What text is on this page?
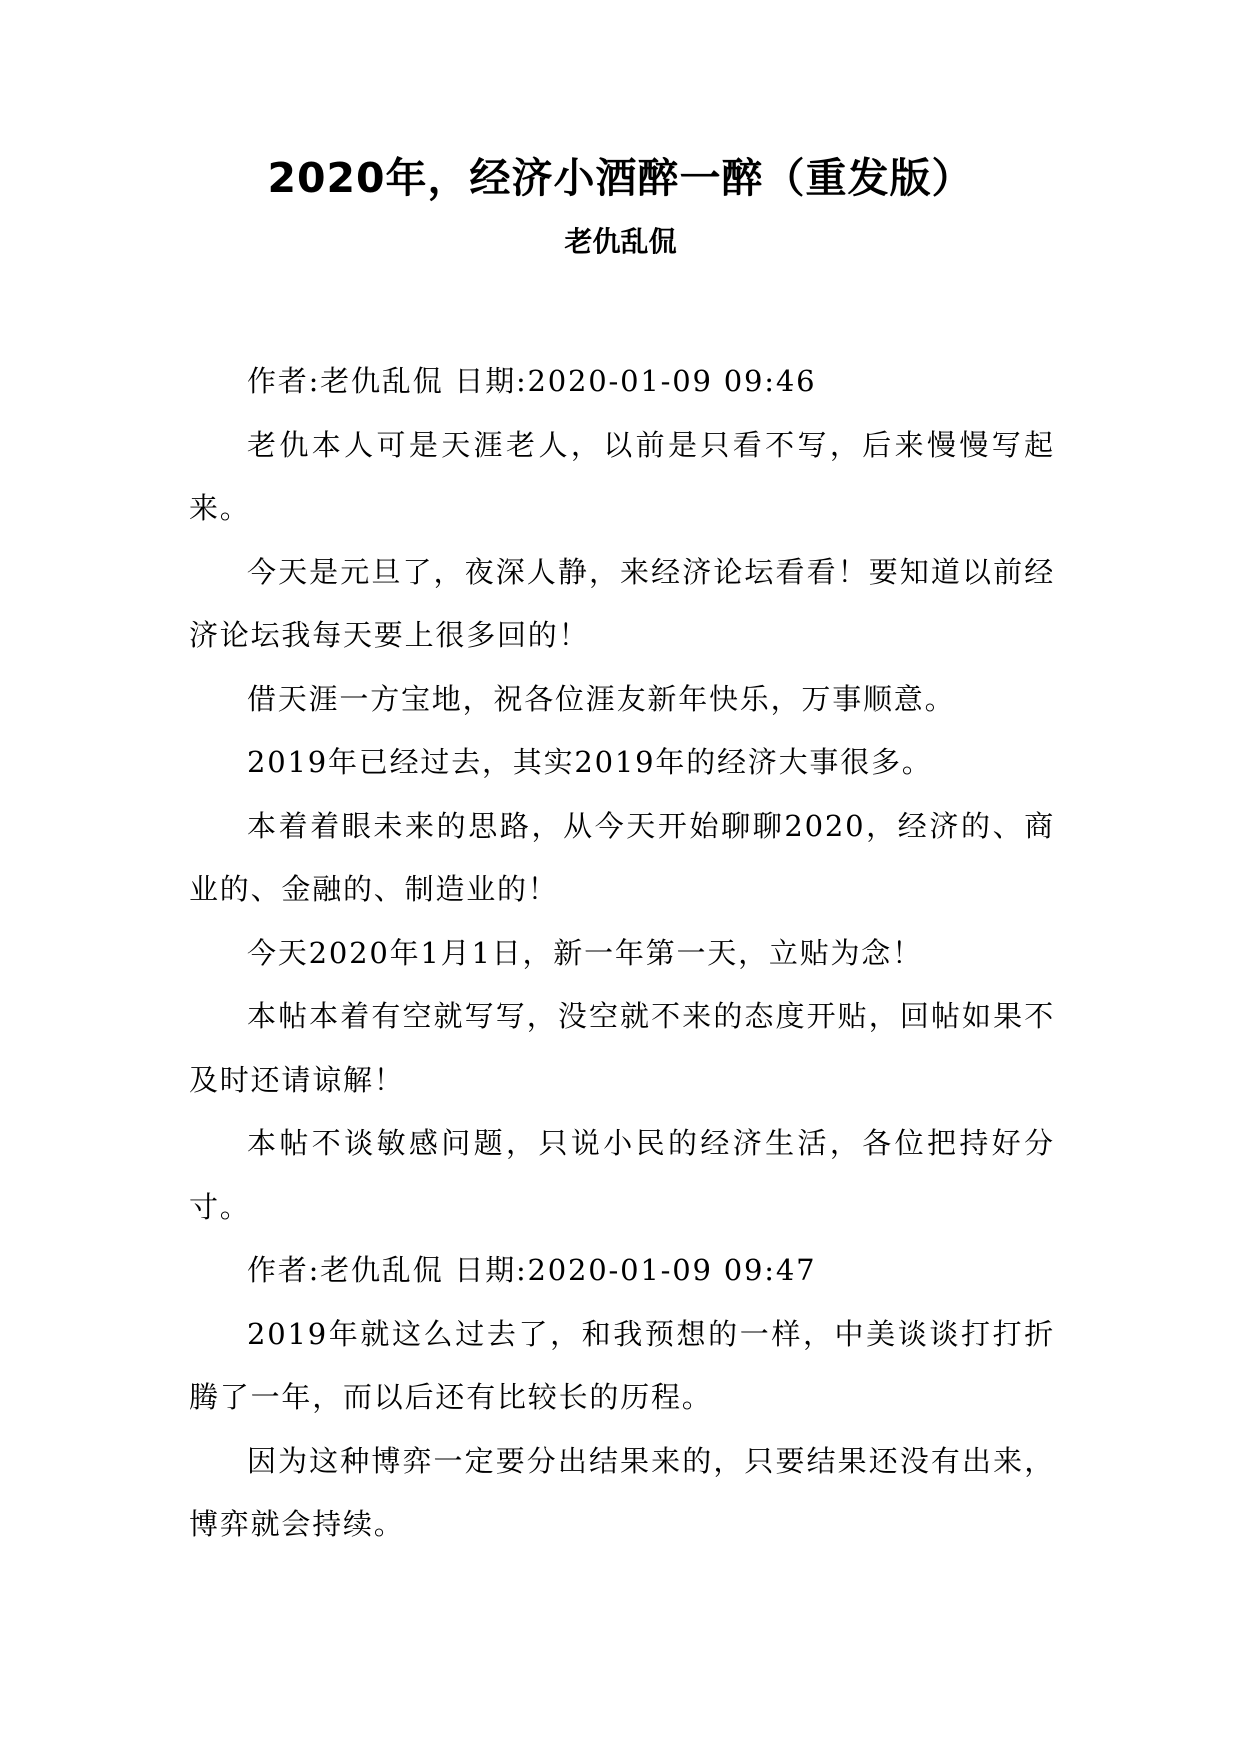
2020年，经济小酒醉一醉（重发版）
老仇乱侃

作者:老仇乱侃 日期:2020-01-09 09:46

老仇本人可是天涯老人，以前是只看不写，后来慢慢写起来。

今天是元旦了，夜深人静，来经济论坛看看！要知道以前经济论坛我每天要上很多回的！

借天涯一方宝地，祝各位涯友新年快乐，万事顺意。

2019年已经过去，其实2019年的经济大事很多。

本着着眼未来的思路，从今天开始聊聊2020，经济的、商业的、金融的、制造业的！

今天2020年1月1日，新一年第一天，立贴为念！

本帖本着有空就写写，没空就不来的态度开贴，回帖如果不及时还请谅解！

本帖不谈敏感问题，只说小民的经济生活，各位把持好分寸。

作者:老仇乱侃 日期:2020-01-09 09:47

2019年就这么过去了，和我预想的一样，中美谈谈打打折腾了一年，而以后还有比较长的历程。

因为这种博弈一定要分出结果来的，只要结果还没有出来，博弈就会持续。
